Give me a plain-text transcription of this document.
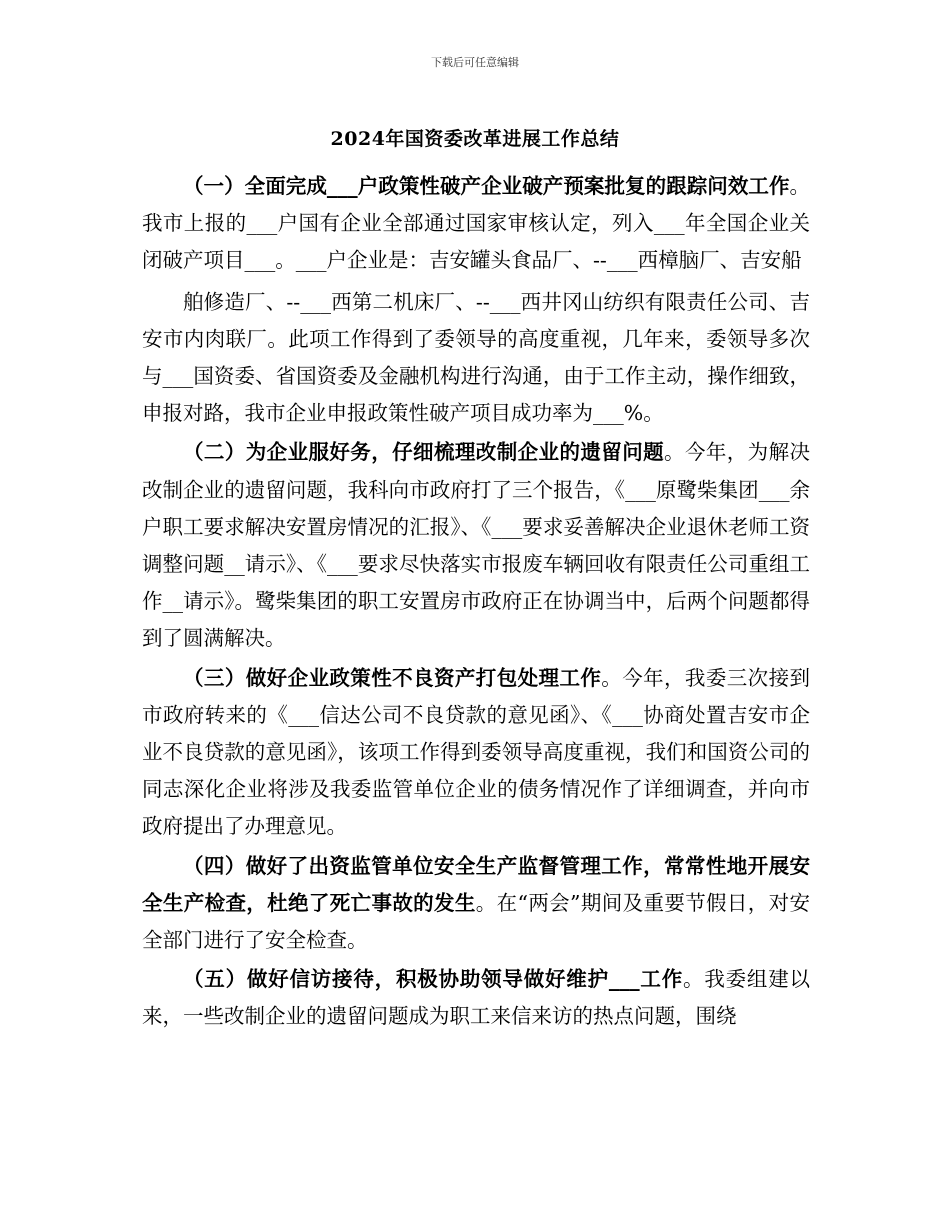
下载后可任意编辑
2024年国资委改革进展工作总结

（一）全面完成___户政策性破产企业破产预案批复的跟踪问效工作。我市上报的___户国有企业全部通过国家审核认定，列入___年全国企业关闭破产项目___。___户企业是：吉安罐头食品厂、--___西樟脑厂、吉安船

舶修造厂、--___西第二机床厂、--___西井冈山纺织有限责任公司、吉安市内肉联厂。此项工作得到了委领导的高度重视，几年来，委领导多次与___国资委、省国资委及金融机构进行沟通，由于工作主动，操作细致，申报对路，我市企业申报政策性破产项目成功率为___%。

（二）为企业服好务，仔细梳理改制企业的遗留问题。今年，为解决改制企业的遗留问题，我科向市政府打了三个报告，《___原鹭柴集团___余户职工要求解决安置房情况的汇报》、《___要求妥善解决企业退休老师工资调整问题__请示》、《___要求尽快落实市报废车辆回收有限责任公司重组工作__请示》。鹭柴集团的职工安置房市政府正在协调当中，后两个问题都得到了圆满解决。

（三）做好企业政策性不良资产打包处理工作。今年，我委三次接到市政府转来的《___信达公司不良贷款的意见函》、《___协商处置吉安市企业不良贷款的意见函》，该项工作得到委领导高度重视，我们和国资公司的同志深化企业将涉及我委监管单位企业的债务情况作了详细调查，并向市政府提出了办理意见。

（四）做好了出资监管单位安全生产监督管理工作，常常性地开展安全生产检查，杜绝了死亡事故的发生。在“两会”期间及重要节假日，对安全部门进行了安全检查。

（五）做好信访接待，积极协助领导做好维护___工作。我委组建以来，一些改制企业的遗留问题成为职工来信来访的热点问题，围绕
